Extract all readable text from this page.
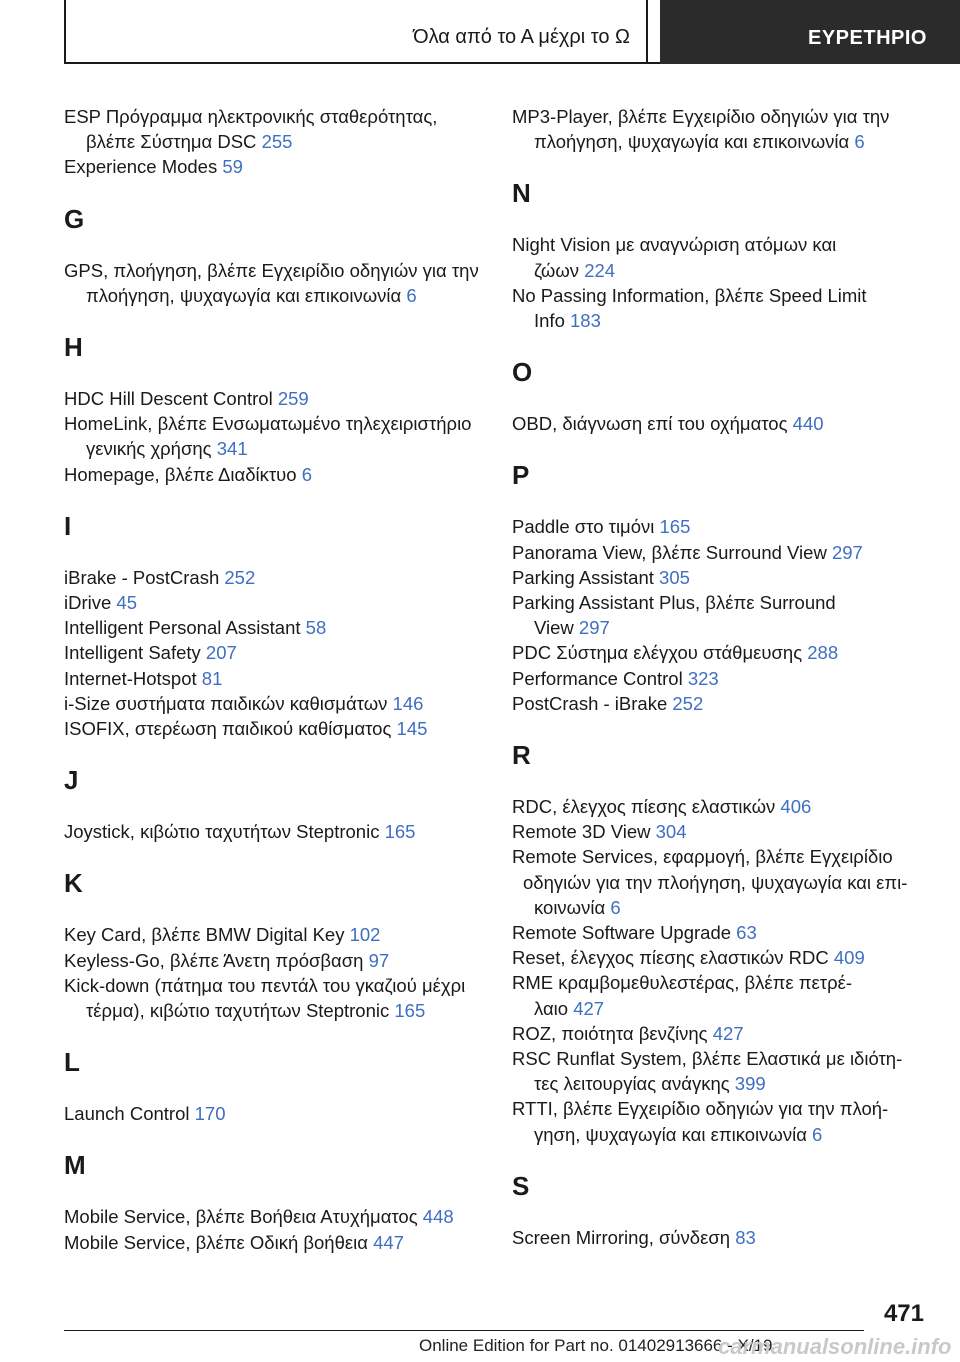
Όλα από το Α μέχρι το Ω	ΕΥΡΕΤΗΡΙΟ
ESP Πρόγραμμα ηλεκτρονικής σταθερότητας,
βλέπε Σύστημα DSC 255
Experience Modes 59
G
GPS, πλοήγηση, βλέπε Εγχειρίδιο οδηγιών για την
πλοήγηση, ψυχαγωγία και επικοινωνία 6
H
HDC Hill Descent Control 259
HomeLink, βλέπε Ενσωματωμένο τηλεχειριστήριο
γενικής χρήσης 341
Homepage, βλέπε Διαδίκτυο 6
I
iBrake - PostCrash 252
iDrive 45
Intelligent Personal Assistant 58
Intelligent Safety 207
Internet-Hotspot 81
i-Size συστήματα παιδικών καθισμάτων 146
ISOFIX, στερέωση παιδικού καθίσματος 145
J
Joystick, κιβώτιο ταχυτήτων Steptronic 165
K
Key Card, βλέπε BMW Digital Key 102
Keyless-Go, βλέπε Άνετη πρόσβαση 97
Kick-down (πάτημα του πεντάλ του γκαζιού μέχρι
τέρμα), κιβώτιο ταχυτήτων Steptronic 165
L
Launch Control 170
M
Mobile Service, βλέπε Βοήθεια Ατυχήματος 448
Mobile Service, βλέπε Οδική βοήθεια 447
MP3-Player, βλέπε Εγχειρίδιο οδηγιών για την
πλοήγηση, ψυχαγωγία και επικοινωνία 6
N
Night Vision με αναγνώριση ατόμων και
ζώων 224
No Passing Information, βλέπε Speed Limit
Info 183
O
OBD, διάγνωση επί του οχήματος 440
P
Paddle στο τιμόνι 165
Panorama View, βλέπε Surround View 297
Parking Assistant 305
Parking Assistant Plus, βλέπε Surround
View 297
PDC Σύστημα ελέγχου στάθμευσης 288
Performance Control 323
PostCrash - iBrake 252
R
RDC, έλεγχος πίεσης ελαστικών 406
Remote 3D View 304
Remote Services, εφαρμογή, βλέπε Εγχειρίδιο
οδηγιών για την πλοήγηση, ψυχαγωγία και επι-
κοινωνία 6
Remote Software Upgrade 63
Reset, έλεγχος πίεσης ελαστικών RDC 409
RME κραμβομεθυλεστέρας, βλέπε πετρέ-
λαιο 427
ROZ, ποιότητα βενζίνης 427
RSC Runflat System, βλέπε Ελαστικά με ιδιότη-
τες λειτουργίας ανάγκης 399
RTTI, βλέπε Εγχειρίδιο οδηγιών για την πλοή-
γηση, ψυχαγωγία και επικοινωνία 6
S
Screen Mirroring, σύνδεση 83
471
Online Edition for Part no. 01402913666 - X/19
carmanualsonline.info
